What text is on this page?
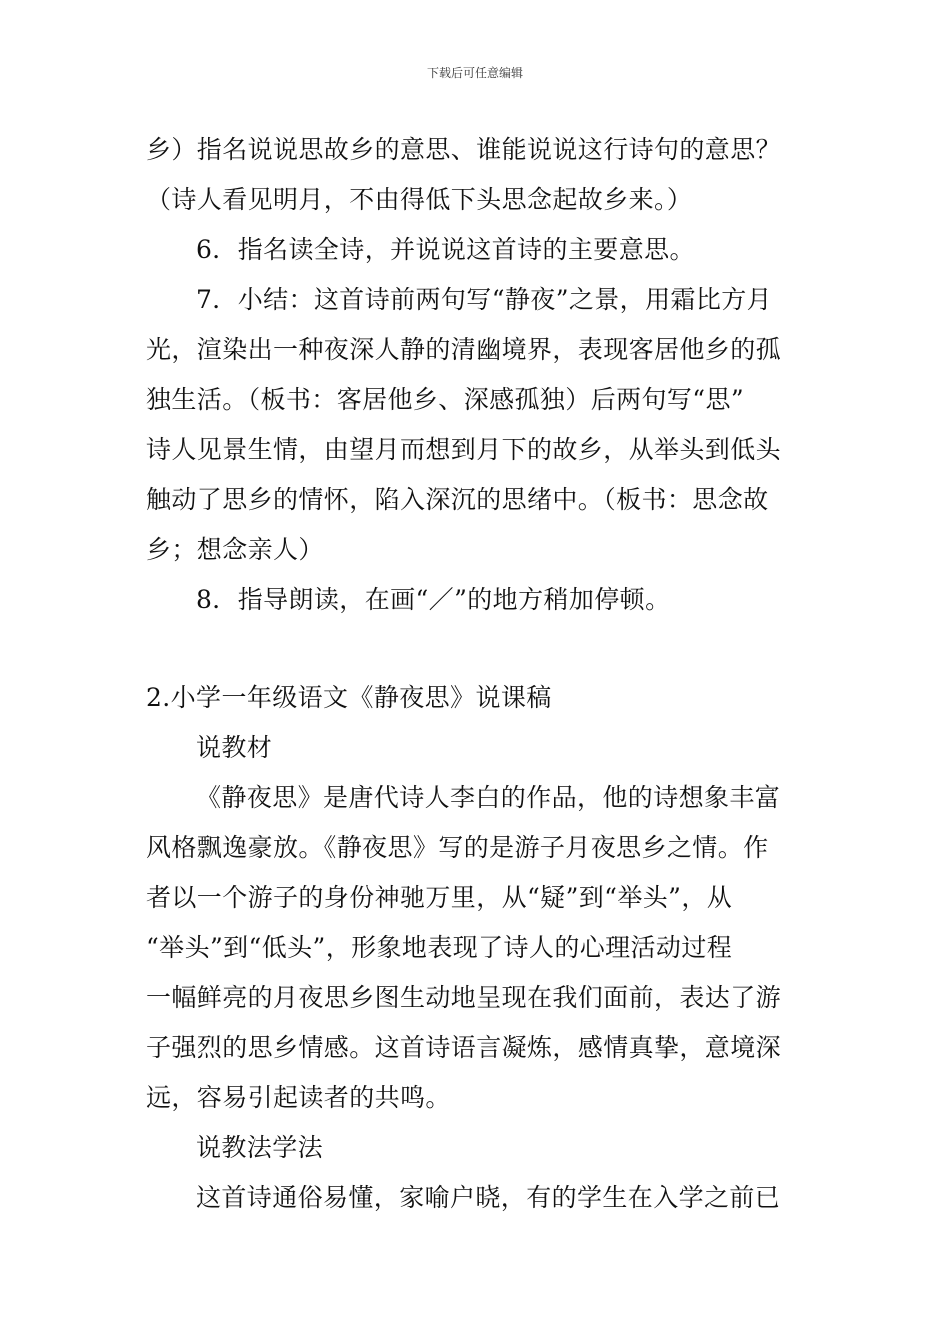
下载后可任意编辑
乡）指名说说思故乡的意思、谁能说说这行诗句的意思？
（诗人看见明月，不由得低下头思念起故乡来。）
6．指名读全诗，并说说这首诗的主要意思。
7．小结：这首诗前两句写“静夜”之景，用霜比方月
光，渲染出一种夜深人静的清幽境界，表现客居他乡的孤
独生活。（板书：客居他乡、深感孤独）后两句写“思”
诗人见景生情，由望月而想到月下的故乡，从举头到低头
触动了思乡的情怀，陷入深沉的思绪中。（板书：思念故
乡；想念亲人）
8．指导朗读，在画“／”的地方稍加停顿。
2.小学一年级语文《静夜思》说课稿
说教材
《静夜思》是唐代诗人李白的作品，他的诗想象丰富
风格飘逸豪放。《静夜思》写的是游子月夜思乡之情。作
者以一个游子的身份神驰万里，从“疑”到“举头”，从
“举头”到“低头”，形象地表现了诗人的心理活动过程
一幅鲜亮的月夜思乡图生动地呈现在我们面前，表达了游
子强烈的思乡情感。这首诗语言凝炼，感情真挚，意境深
远，容易引起读者的共鸣。
说教法学法
这首诗通俗易懂，家喻户晓，有的学生在入学之前已
